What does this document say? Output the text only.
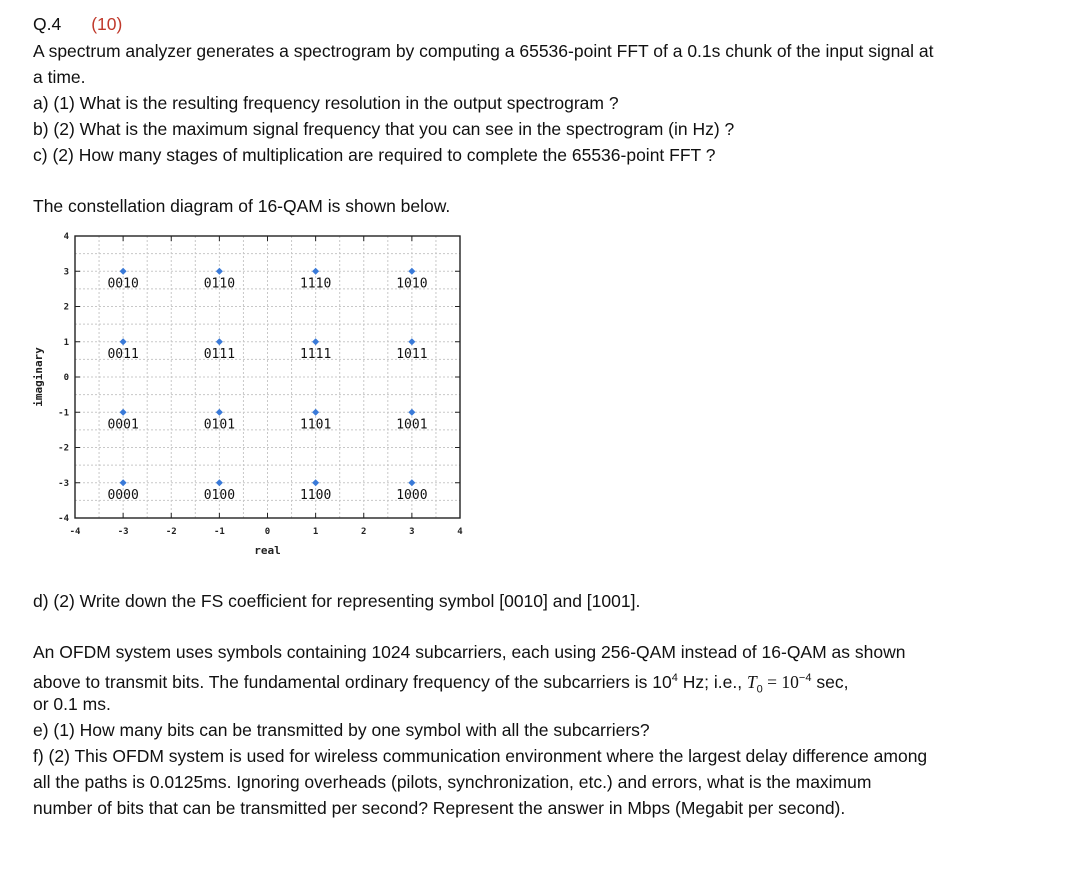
Q.4 (10)
A spectrum analyzer generates a spectrogram by computing a 65536-point FFT of a 0.1s chunk of the input signal at
a time.
a) (1) What is the resulting frequency resolution in the output spectrogram ?
b) (2) What is the maximum signal frequency that you can see in the spectrogram (in Hz) ?
c) (2) How many stages of multiplication are required to complete the 65536-point FFT ?
The constellation diagram of 16-QAM is shown below.
-4	-3	-2	-1	0	1	2	3	4
4
3
2
1
0
-1
-2
-3
-4
real
imaginary
0010	0110	1110	1010
0011	0111	1111	1011
0001	0101	1101	1001
0000	0100	1100	1000
d) (2) Write down the FS coefficient for representing symbol [0010] and [1001].
An OFDM system uses symbols containing 1024 subcarriers, each using 256-QAM instead of 16-QAM as shown
above to transmit bits. The fundamental ordinary frequency of the subcarriers is $10^4$ Hz; i.e., $T_0 = 10^{-4}$ sec,
or 0.1 ms.
e) (1) How many bits can be transmitted by one symbol with all the subcarriers?
f) (2) This OFDM system is used for wireless communication environment where the largest delay difference among
all the paths is 0.0125ms. Ignoring overheads (pilots, synchronization, etc.) and errors, what is the maximum
number of bits that can be transmitted per second? Represent the answer in Mbps (Megabit per second).
